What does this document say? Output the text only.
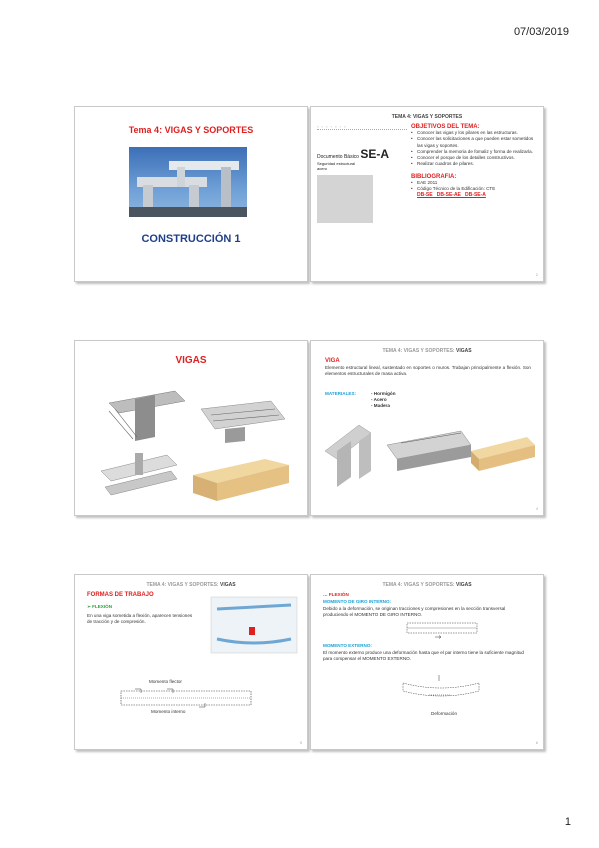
07/03/2019
Tema 4: VIGAS Y SOPORTES
CONSTRUCCIÓN 1
TEMA 4: VIGAS Y SOPORTES
▫ ◦ ▫ ◦ ▫ ◦ ▫
Documento Básico SE-A
Seguridad estructural acero
OBJETIVOS DEL TEMA:
• Conocer las vigas y los pilares en las estructuras.
• Conocer las solicitaciones a que pueden estar sometidos las vigas y soportes.
• Comprender la memoria de fomaliz y forma de realizarla.
• Conocer el porque de los detalles constructivos.
• Realizar cuadros de pilares.
BIBLIOGRAFIA:
• EAE 2011
• Código Técnico de la Edificación: CTE
DB-SE   DB-SE-AE   DB-SE-A
2
VIGAS
TEMA 4: VIGAS Y SOPORTES: VIGAS
VIGA
Elemento estructural lineal, sustentado en soportes o muros. Trabajan principalmente a flexión. Son elementos estructurales de masa activa.
MATERIALES:	- Hormigón
- Acero
- Madera
4
TEMA 4: VIGAS Y SOPORTES: VIGAS
FORMAS DE TRABAJO
➢ FLEXIÓN
En una viga sometida a flexión, aparecen tensiones de tracción y de compresión.
Momento flector
Momento interno
5
TEMA 4: VIGAS Y SOPORTES: VIGAS
… FLEXIÓN
MOMENTO DE GIRO INTERNO:
Debido a la deformación, se originan tracciones y compresiones en la sección transversal produciendo el MOMENTO DE GIRO INTERNO.
MOMENTO EXTERNO:
El momento externo produce una deformación hasta que el par interno tiene la suficiente magnitud para compensar el MOMENTO EXTERNO.
Deformación
6
1
